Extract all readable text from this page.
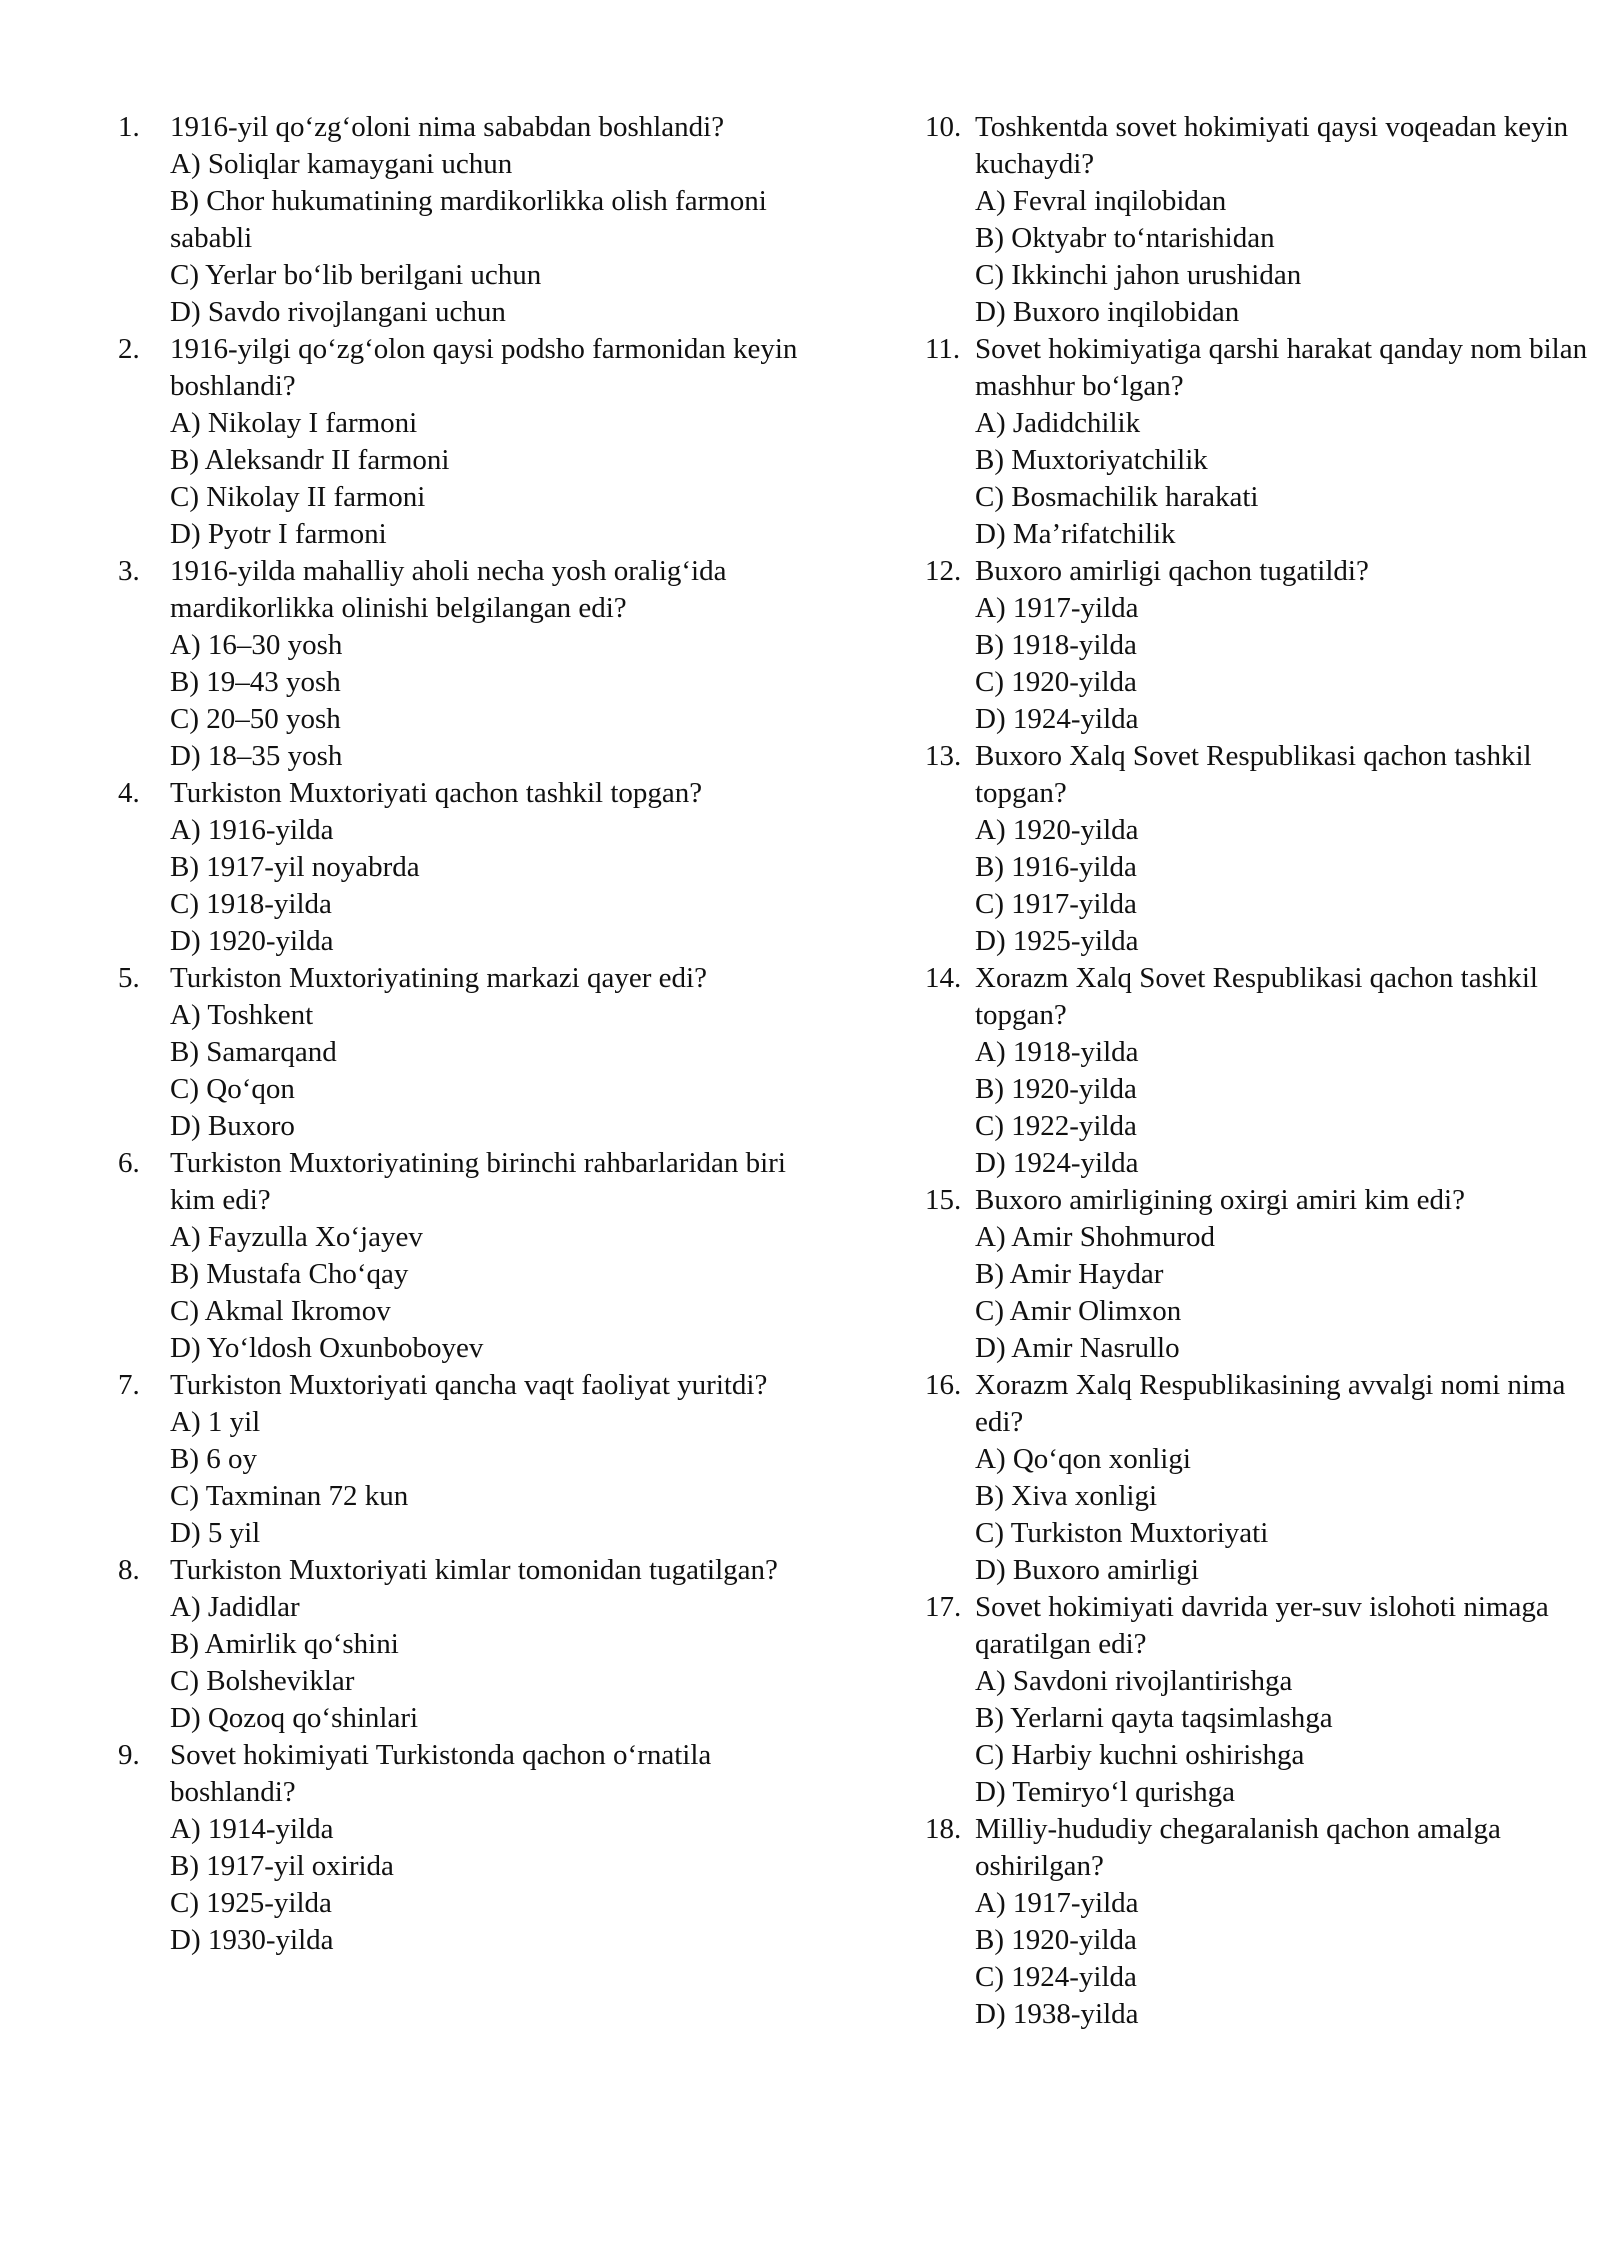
1.	1916-yil qo‘zg‘oloni nima sababdan boshlandi?
A) Soliqlar kamaygani uchun
B) Chor hukumatining mardikorlikka olish farmoni sababli
C) Yerlar bo‘lib berilgani uchun
D) Savdo rivojlangani uchun
2.	1916-yilgi qo‘zg‘olon qaysi podsho farmonidan keyin boshlandi?
A) Nikolay I farmoni
B) Aleksandr II farmoni
C) Nikolay II farmoni
D) Pyotr I farmoni
3.	1916-yilda mahalliy aholi necha yosh oralig‘ida mardikorlikka olinishi belgilangan edi?
A) 16–30 yosh
B) 19–43 yosh
C) 20–50 yosh
D) 18–35 yosh
4.	Turkiston Muxtoriyati qachon tashkil topgan?
A) 1916-yilda
B) 1917-yil noyabrda
C) 1918-yilda
D) 1920-yilda
5.	Turkiston Muxtoriyatining markazi qayer edi?
A) Toshkent
B) Samarqand
C) Qo‘qon
D) Buxoro
6.	Turkiston Muxtoriyatining birinchi rahbarlaridan biri kim edi?
A) Fayzulla Xo‘jayev
B) Mustafa Cho‘qay
C) Akmal Ikromov
D) Yo‘ldosh Oxunboboyev
7.	Turkiston Muxtoriyati qancha vaqt faoliyat yuritdi?
A) 1 yil
B) 6 oy
C) Taxminan 72 kun
D) 5 yil
8.	Turkiston Muxtoriyati kimlar tomonidan tugatilgan?
A) Jadidlar
B) Amirlik qo‘shini
C) Bolsheviklar
D) Qozoq qo‘shinlari
9.	Sovet hokimiyati Turkistonda qachon o‘rnatila boshlandi?
A) 1914-yilda
B) 1917-yil oxirida
C) 1925-yilda
D) 1930-yilda
10. Toshkentda sovet hokimiyati qaysi voqeadan keyin kuchaydi?
A) Fevral inqilobidan
B) Oktyabr to‘ntarishidan
C) Ikkinchi jahon urushidan
D) Buxoro inqilobidan
11. Sovet hokimiyatiga qarshi harakat qanday nom bilan mashhur bo‘lgan?
A) Jadidchilik
B) Muxtoriyatchilik
C) Bosmachilik harakati
D) Ma’rifatchilik
12. Buxoro amirligi qachon tugatildi?
A) 1917-yilda
B) 1918-yilda
C) 1920-yilda
D) 1924-yilda
13. Buxoro Xalq Sovet Respublikasi qachon tashkil topgan?
A) 1920-yilda
B) 1916-yilda
C) 1917-yilda
D) 1925-yilda
14. Xorazm Xalq Sovet Respublikasi qachon tashkil topgan?
A) 1918-yilda
B) 1920-yilda
C) 1922-yilda
D) 1924-yilda
15. Buxoro amirligining oxirgi amiri kim edi?
A) Amir Shohmurod
B) Amir Haydar
C) Amir Olimxon
D) Amir Nasrullo
16. Xorazm Xalq Respublikasining avvalgi nomi nima edi?
A) Qo‘qon xonligi
B) Xiva xonligi
C) Turkiston Muxtoriyati
D) Buxoro amirligi
17. Sovet hokimiyati davrida yer-suv islohoti nimaga qaratilgan edi?
A) Savdoni rivojlantirishga
B) Yerlarni qayta taqsimlashga
C) Harbiy kuchni oshirishga
D) Temiryo‘l qurishga
18. Milliy-hududiy chegaralanish qachon amalga oshirilgan?
A) 1917-yilda
B) 1920-yilda
C) 1924-yilda
D) 1938-yilda
